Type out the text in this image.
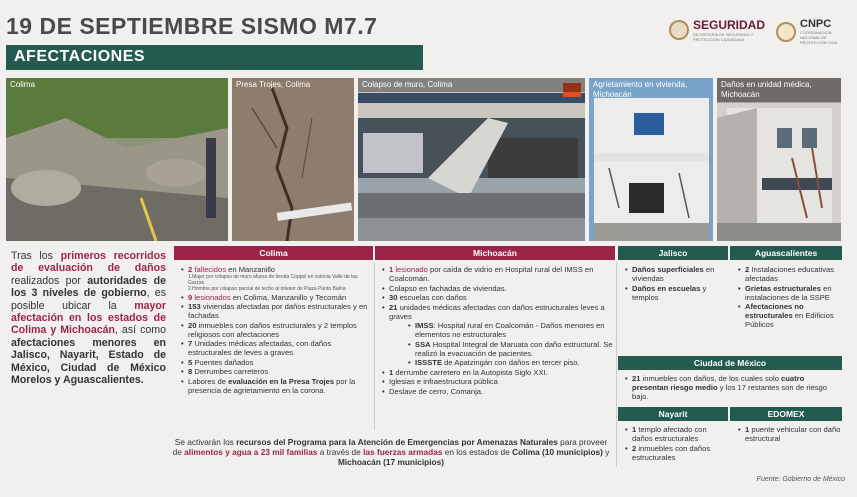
19 DE SEPTIEMBRE SISMO M7.7
AFECTACIONES
SEGURIDAD
SECRETARÍA DE SEGURIDAD Y PROTECCIÓN CIUDADANA
CNPC
COORDINACIÓN NACIONAL DE PROTECCIÓN CIVIL
Colima	Presa Trojes, Colima	Colapso de muro, Colima	Agrietamiento en vivienda, Michoacán
Daños en unidad médica, Michoacán
Tras los primeros recorridos de evaluación de daños realizados por autoridades de los 3 niveles de gobierno, es posible ubicar la mayor afectación en los estados de Colima y Michoacán, así como afectaciones menores en Jalisco, Nayarit, Estado de México, Ciudad de México Morelos y Aguascalientes.
Colima	Michoacán	Jalisco	Aguascalientes
Ciudad de México
Nayarit	EDOMEX
• 2 fallecidos en Manzanillo
1.Mujer por colapso de muro afuera de tienda Coppel en colonia Valle de las Garzas
2.Hombre por colapso parcial de techo al interior de Plaza Punto Bahía
• 9 lesionados en Colima, Manzanillo y Tecomán
• 153 viviendas afectadas por daños estructurales y en fachadas
• 20 inmuebles con daños estructurales y 2 templos religiosos con afectaciones
• 7 Unidades médicas afectadas, con daños estructurales de leves a graves
• 5 Puentes dañados
• 8 Derrumbes carreteros
• Labores de evaluación en la Presa Trojes por la presencia de agrietamiento en la corona.
• 1 lesionado por caída de vidrio en Hospital rural del IMSS en Coalcomán.
• Colapso en fachadas de viviendas.
• 30 escuelas con daños
• 21 unidades médicas afectadas con daños estructurales leves a graves
• IMSS: Hospital rural en Coalcomán - Daños menores en elementos no estructurales
• SSA Hospital Integral de Maruata con daño estructural. Se realizó la evacuación de pacientes.
• ISSSTE de Apatzingán con daños en tercer piso.
• 1 derrumbe carretero en la Autopista Siglo XXI.
• Iglesias e infraestructura pública
• Deslave de cerro, Comanja.
• Daños superficiales en viviendas
• Daños en escuelas y templos
• 2 Instalaciones educativas afectadas
• Grietas estructurales en instalaciones de la SSPE
• Afectaciones no estructurales en Edificios Públicos
• 21 inmuebles con daños, de los cuales solo cuatro presentan riesgo medio y los 17 restantes son de riesgo bajo.
• 1 templo afectado con daños estructurales
• 2 inmuebles con daños estructurales
• 1 puente vehicular con daño estructural
Se activarán los recursos del Programa para la Atención de Emergencias por Amenazas Naturales para proveer de alimentos y agua a 23 mil familias a través de las fuerzas armadas en los estados de Colima (10 municipios) y Michoacán (17 municipios)
Fuente: Gobierno de México
